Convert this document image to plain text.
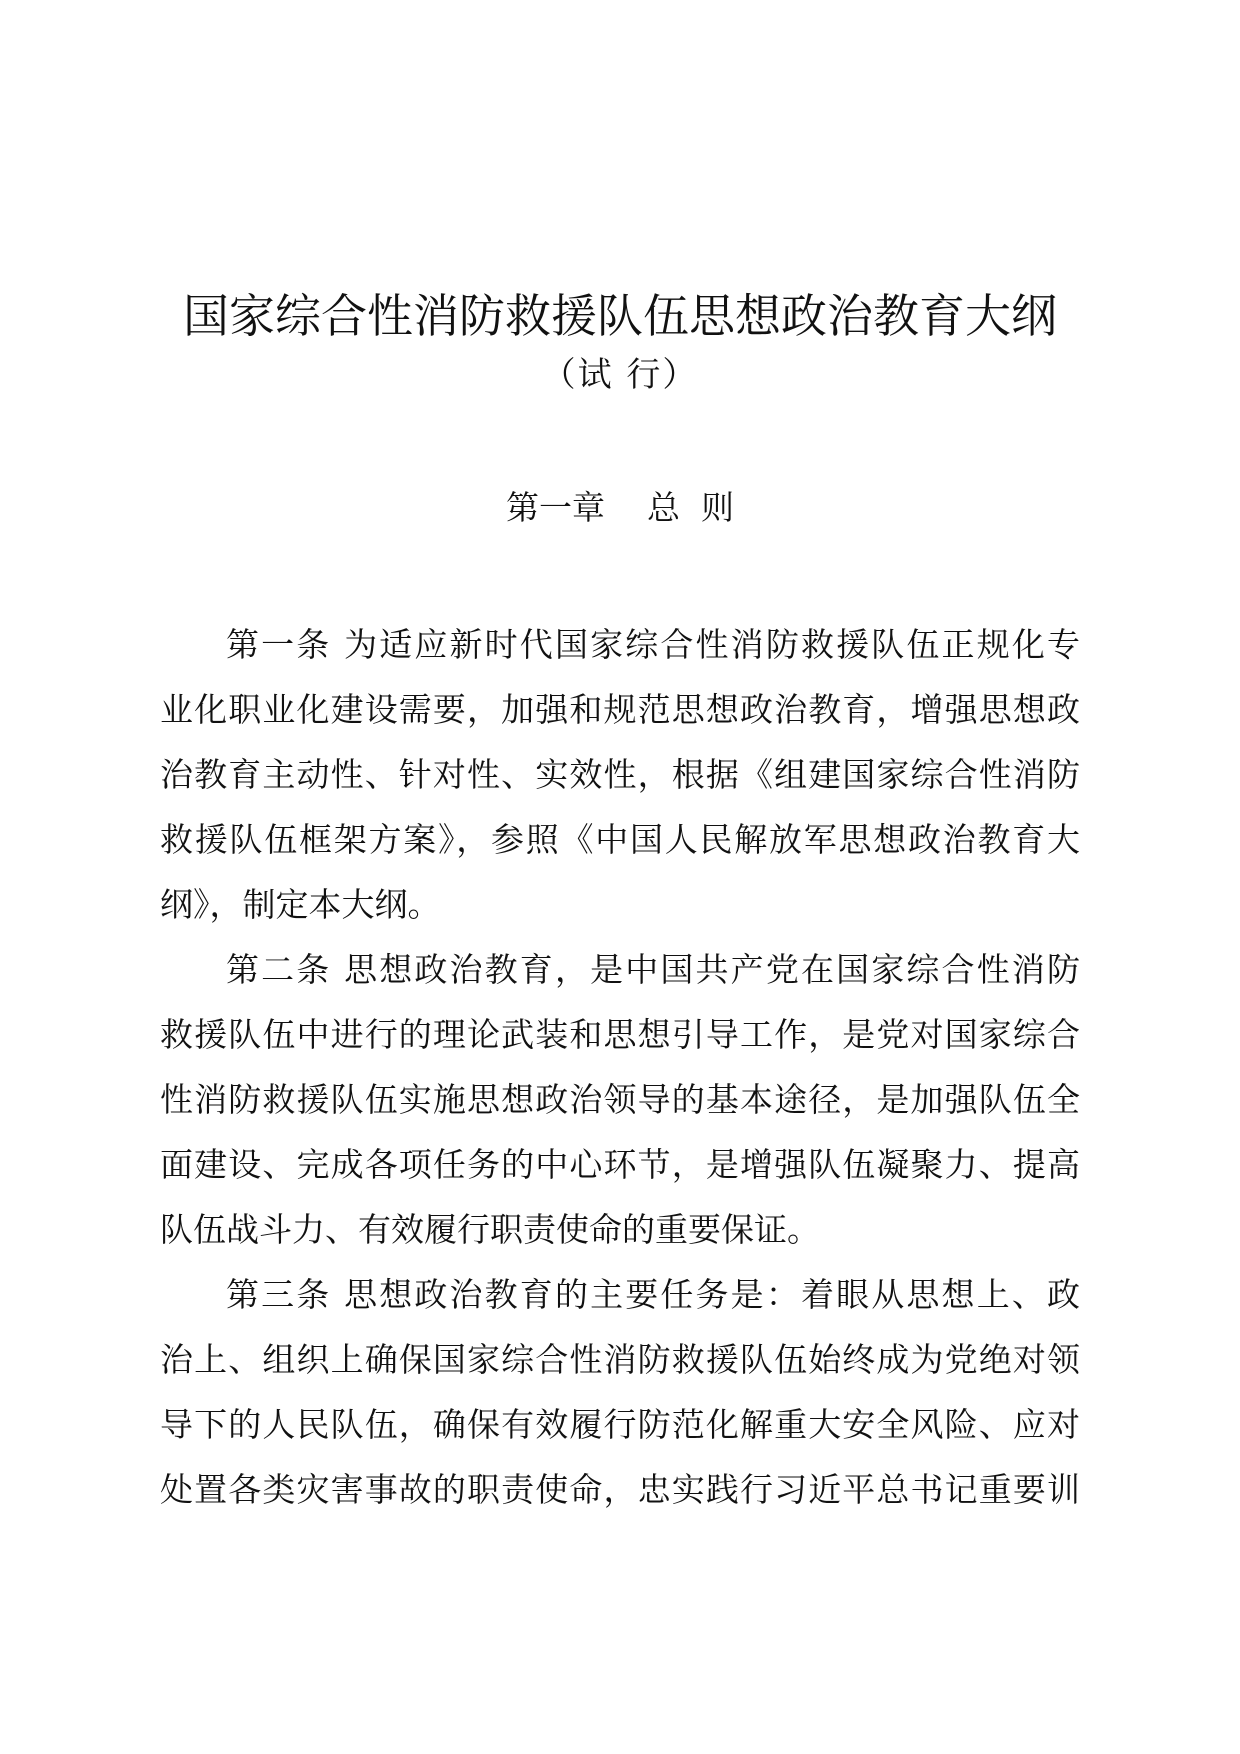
国家综合性消防救援队伍思想政治教育大纲
（试 行）
第一章    总  则
第一条 为适应新时代国家综合性消防救援队伍正规化专
业化职业化建设需要，加强和规范思想政治教育，增强思想政
治教育主动性、针对性、实效性，根据《组建国家综合性消防
救援队伍框架方案》，参照《中国人民解放军思想政治教育大
纲》，制定本大纲。
第二条 思想政治教育，是中国共产党在国家综合性消防
救援队伍中进行的理论武装和思想引导工作，是党对国家综合
性消防救援队伍实施思想政治领导的基本途径，是加强队伍全
面建设、完成各项任务的中心环节，是增强队伍凝聚力、提高
队伍战斗力、有效履行职责使命的重要保证。
第三条 思想政治教育的主要任务是：着眼从思想上、政
治上、组织上确保国家综合性消防救援队伍始终成为党绝对领
导下的人民队伍，确保有效履行防范化解重大安全风险、应对
处置各类灾害事故的职责使命，忠实践行习近平总书记重要训
